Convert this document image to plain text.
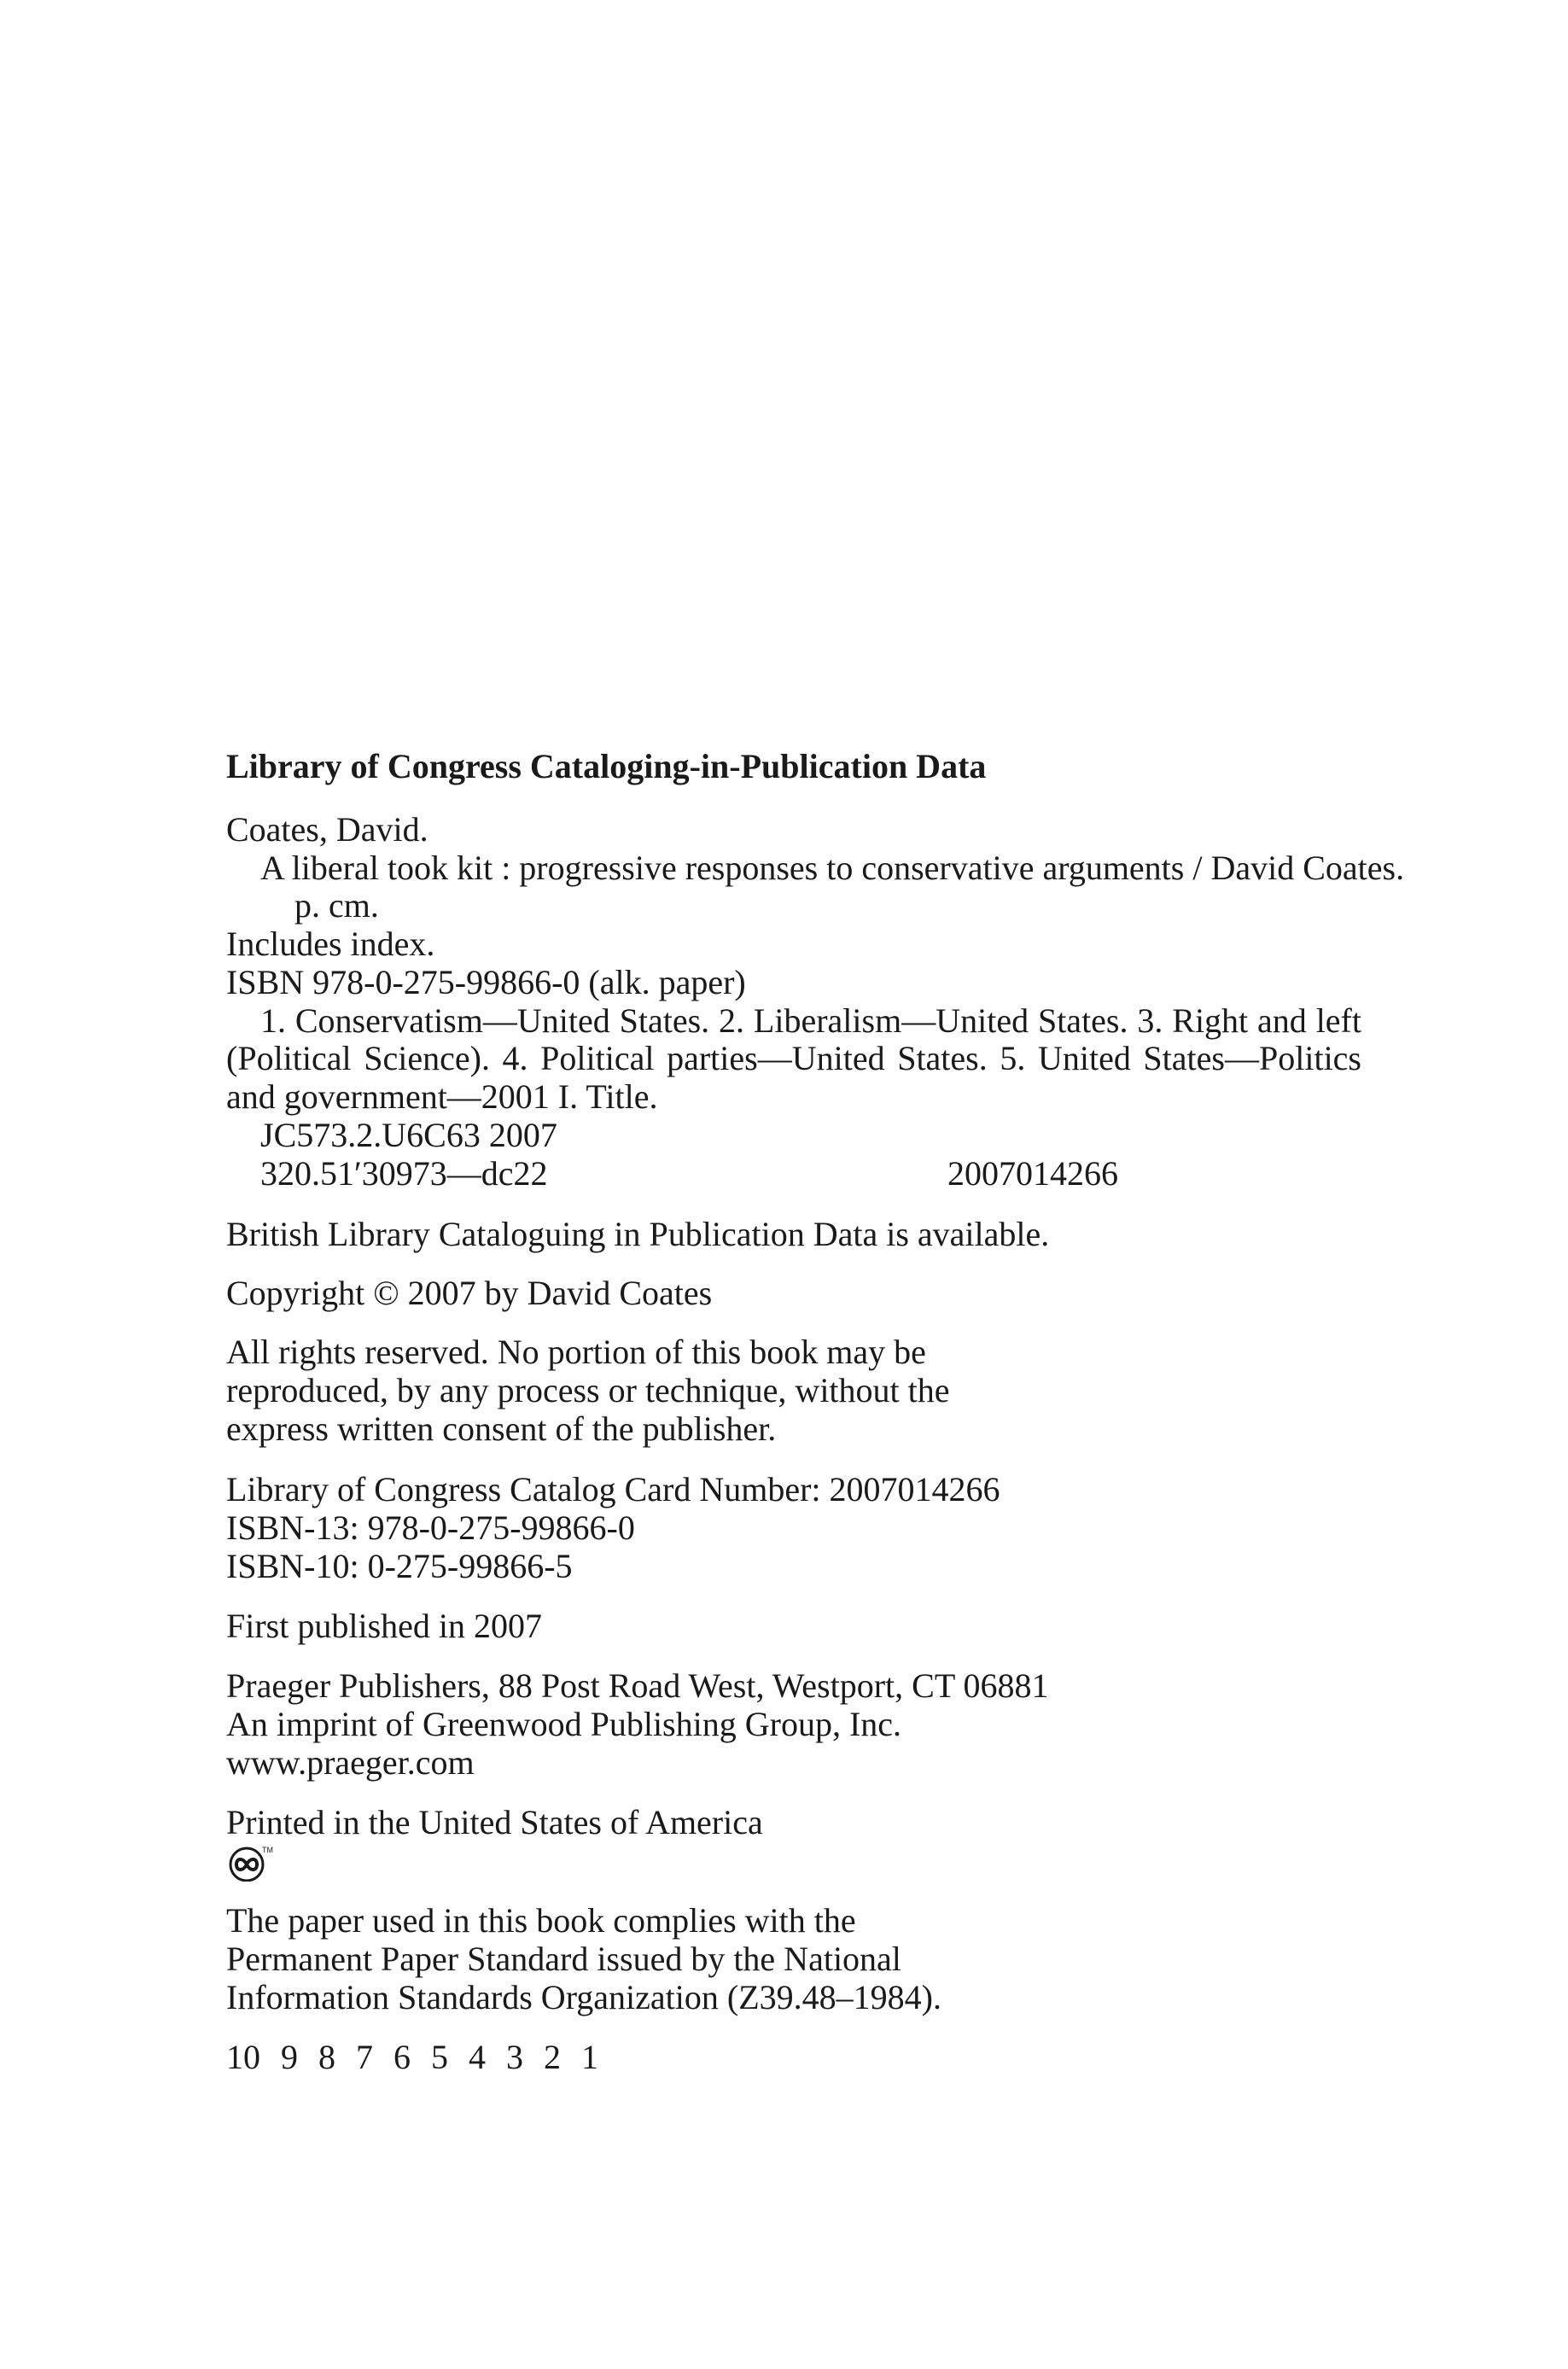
Library of Congress Cataloging-in-Publication Data
Coates, David.
A liberal took kit : progressive responses to conservative arguments / David Coates.
p. cm.
Includes index.
ISBN 978-0-275-99866-0 (alk. paper)
1. Conservatism—United States. 2. Liberalism—United States. 3. Right and left
(Political Science). 4. Political parties—United States. 5. United States—Politics
and government—2001 I. Title.
JC573.2.U6C63 2007
320.51′30973—dc22	2007014266
British Library Cataloguing in Publication Data is available.
Copyright © 2007 by David Coates
All rights reserved. No portion of this book may be
reproduced, by any process or technique, without the
express written consent of the publisher.
Library of Congress Catalog Card Number: 2007014266
ISBN-13: 978-0-275-99866-0
ISBN-10: 0-275-99866-5
First published in 2007
Praeger Publishers, 88 Post Road West, Westport, CT 06881
An imprint of Greenwood Publishing Group, Inc.
www.praeger.com
Printed in the United States of America
TM
The paper used in this book complies with the
Permanent Paper Standard issued by the National
Information Standards Organization (Z39.48–1984).
10 9 8 7 6 5 4 3 2 1
